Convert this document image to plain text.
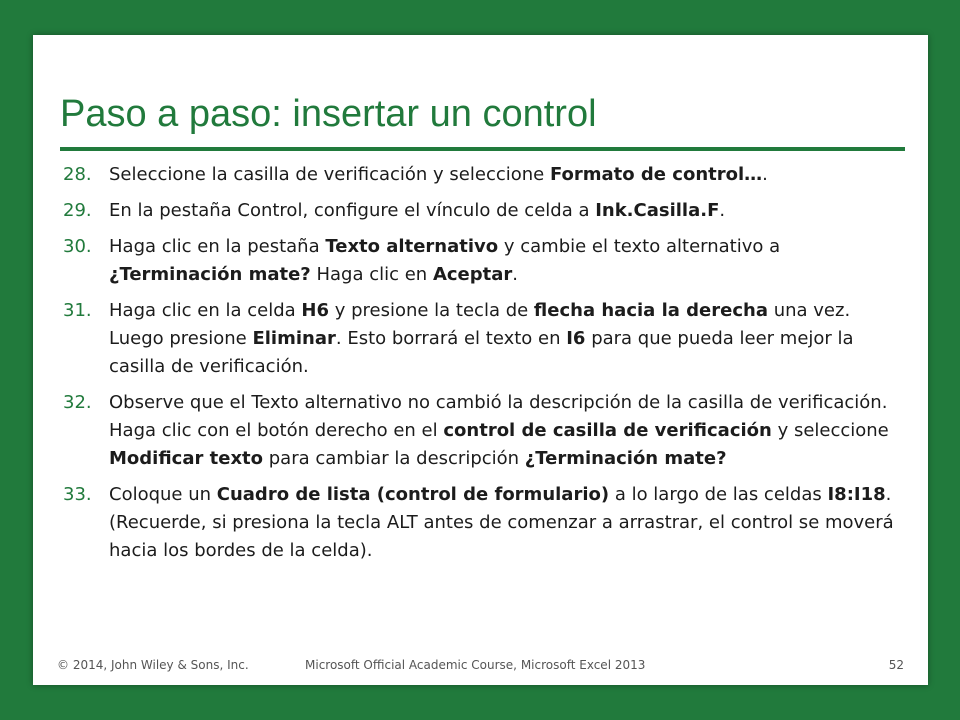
Paso a paso: insertar un control
28. Seleccione la casilla de verificación y seleccione Formato de control….
29. En la pestaña Control, configure el vínculo de celda a Ink.Casilla.F.
30. Haga clic en la pestaña Texto alternativo y cambie el texto alternativo a ¿Terminación mate? Haga clic en Aceptar.
31. Haga clic en la celda H6 y presione la tecla de flecha hacia la derecha una vez. Luego presione Eliminar. Esto borrará el texto en I6 para que pueda leer mejor la casilla de verificación.
32. Observe que el Texto alternativo no cambió la descripción de la casilla de verificación. Haga clic con el botón derecho en el control de casilla de verificación y seleccione Modificar texto para cambiar la descripción ¿Terminación mate?
33. Coloque un Cuadro de lista (control de formulario) a lo largo de las celdas I8:I18. (Recuerde, si presiona la tecla ALT antes de comenzar a arrastrar, el control se moverá hacia los bordes de la celda).
© 2014, John Wiley & Sons, Inc.	Microsoft Official Academic Course, Microsoft Excel 2013	52
